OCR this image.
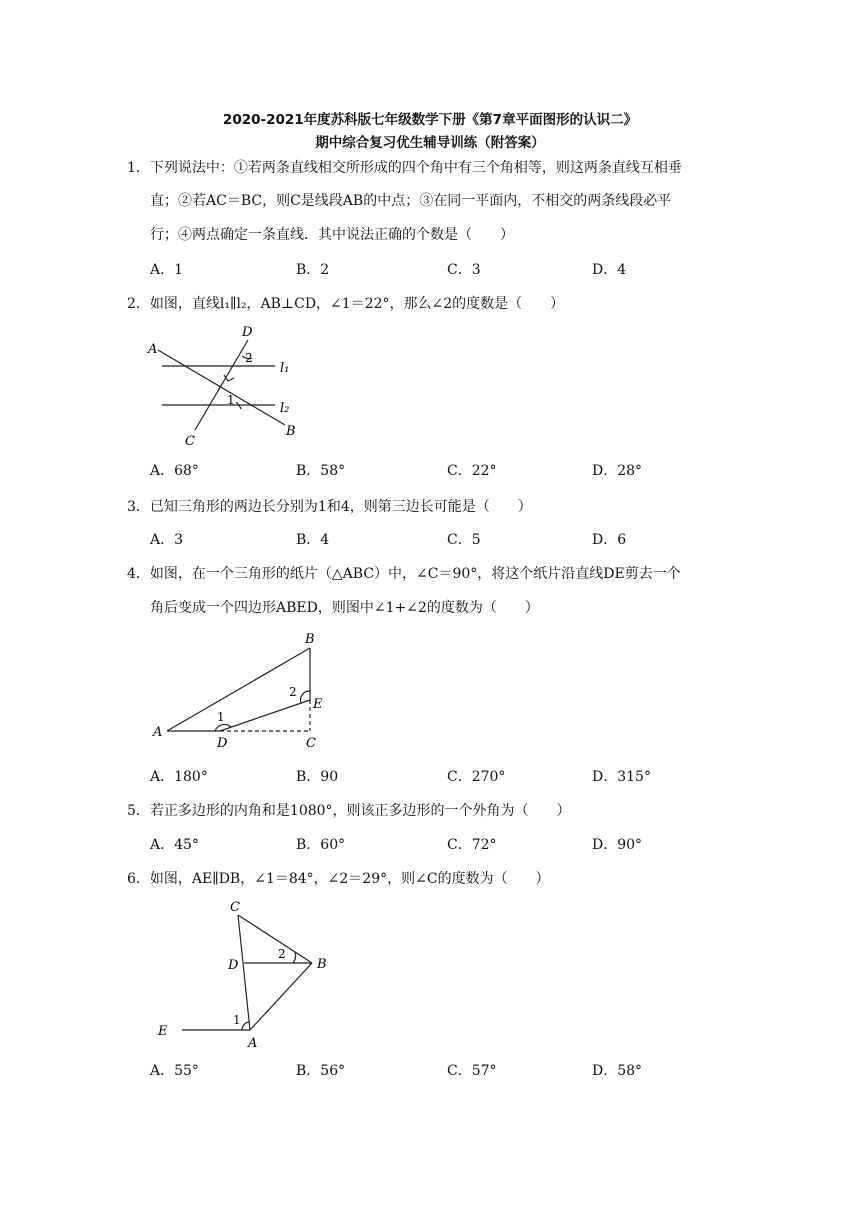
2020-2021年度苏科版七年级数学下册《第7章平面图形的认识二》
期中综合复习优生辅导训练（附答案）
1．下列说法中：①若两条直线相交所形成的四个角中有三个角相等，则这两条直线互相垂
直；②若AC＝BC，则C是线段AB的中点；③在同一平面内，不相交的两条线段必平
行；④两点确定一条直线．其中说法正确的个数是（　　）
A．1	B．2	C．3	D．4
2．如图，直线l₁∥l₂，AB⊥CD，∠1＝22°，那么∠2的度数是（　　）
A
D
2
l₁
1
l₂
C
B
A．68°	B．58°	C．22°	D．28°
3．已知三角形的两边长分别为1和4，则第三边长可能是（　　）
A．3	B．4	C．5	D．6
4．如图，在一个三角形的纸片（△ABC）中，∠C＝90°，将这个纸片沿直线DE剪去一个
角后变成一个四边形ABED，则图中∠1+∠2的度数为（　　）
B
2
E
A
1
D	C
A．180°	B．90	C．270°	D．315°
5．若正多边形的内角和是1080°，则该正多边形的一个外角为（　　）
A．45°	B．60°	C．72°	D．90°
6．如图，AE∥DB，∠1＝84°，∠2＝29°，则∠C的度数为（　　）
C
2
D	B
E
1
A
A．55°	B．56°	C．57°	D．58°
